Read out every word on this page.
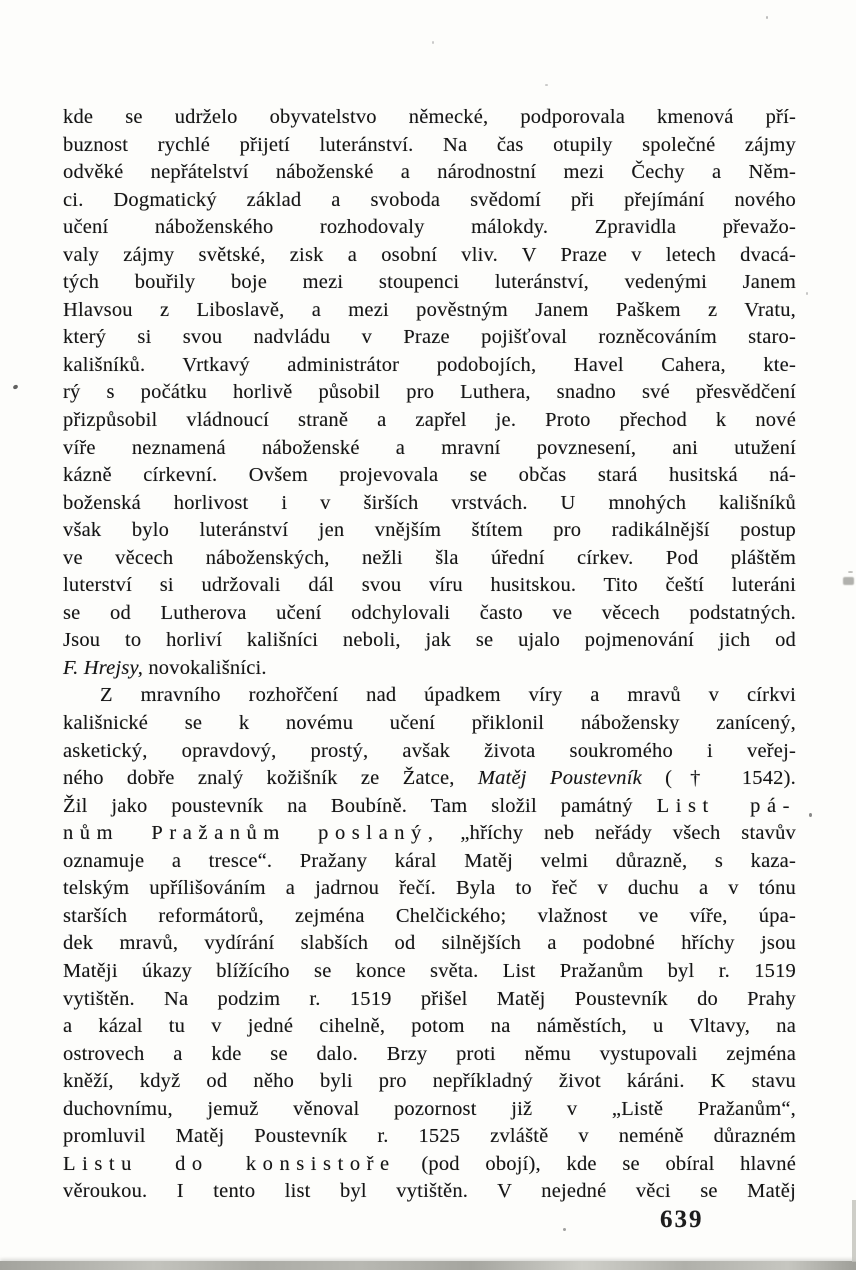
kde se udrželo obyvatelstvo německé, podporovala kmenová pří-
buznost rychlé přijetí luteránství. Na čas otupily společné zájmy
odvěké nepřátelství náboženské a národnostní mezi Čechy a Něm-
ci. Dogmatický základ a svoboda svědomí při přejímání nového
učení náboženského rozhodovaly málokdy. Zpravidla převažo-
valy zájmy světské, zisk a osobní vliv. V Praze v letech dvacá-
tých bouřily boje mezi stoupenci luteránství, vedenými Janem
Hlavsou z Liboslavě, a mezi pověstným Janem Paškem z Vratu,
který si svou nadvládu v Praze pojišťoval rozněcováním staro-
kališníků. Vrtkavý administrátor podobojích, Havel Cahera, kte-
rý s počátku horlivě působil pro Luthera, snadno své přesvědčení
přizpůsobil vládnoucí straně a zapřel je. Proto přechod k nové
víře neznamená náboženské a mravní povznesení, ani utužení
kázně církevní. Ovšem projevovala se občas stará husitská ná-
boženská horlivost i v širších vrstvách. U mnohých kališníků
však bylo luteránství jen vnějším štítem pro radikálnější postup
ve věcech náboženských, nežli šla úřední církev. Pod pláštěm
luterství si udržovali dál svou víru husitskou. Tito čeští luteráni
se od Lutherova učení odchylovali často ve věcech podstatných.
Jsou to horliví kališníci neboli, jak se ujalo pojmenování jich od
F. Hrejsy, novokališníci.
Z mravního rozhořčení nad úpadkem víry a mravů v církvi
kališnické se k novému učení přiklonil nábožensky zanícený,
asketický, opravdový, prostý, avšak života soukromého i veřej-
ného dobře znalý kožišník ze Žatce, Matěj Poustevník († 1542).
Žil jako poustevník na Boubíně. Tam složil památný List pá-
nům Pražanům poslaný, „hříchy neb neřády všech stavův
oznamuje a tresce“. Pražany káral Matěj velmi důrazně, s kaza-
telským upřílišováním a jadrnou řečí. Byla to řeč v duchu a v tónu
starších reformátorů, zejména Chelčického; vlažnost ve víře, úpa-
dek mravů, vydírání slabších od silnějších a podobné hříchy jsou
Matěji úkazy blížícího se konce světa. List Pražanům byl r. 1519
vytištěn. Na podzim r. 1519 přišel Matěj Poustevník do Prahy
a kázal tu v jedné cihelně, potom na náměstích, u Vltavy, na
ostrovech a kde se dalo. Brzy proti němu vystupovali zejména
kněží, když od něho byli pro nepříkladný život káráni. K stavu
duchovnímu, jemuž věnoval pozornost již v „Listě Pražanům“,
promluvil Matěj Poustevník r. 1525 zvláště v neméně důrazném
Listu do konsistoře (pod obojí), kde se obíral hlavné
věroukou. I tento list byl vytištěn. V nejedné věci se Matěj
639
